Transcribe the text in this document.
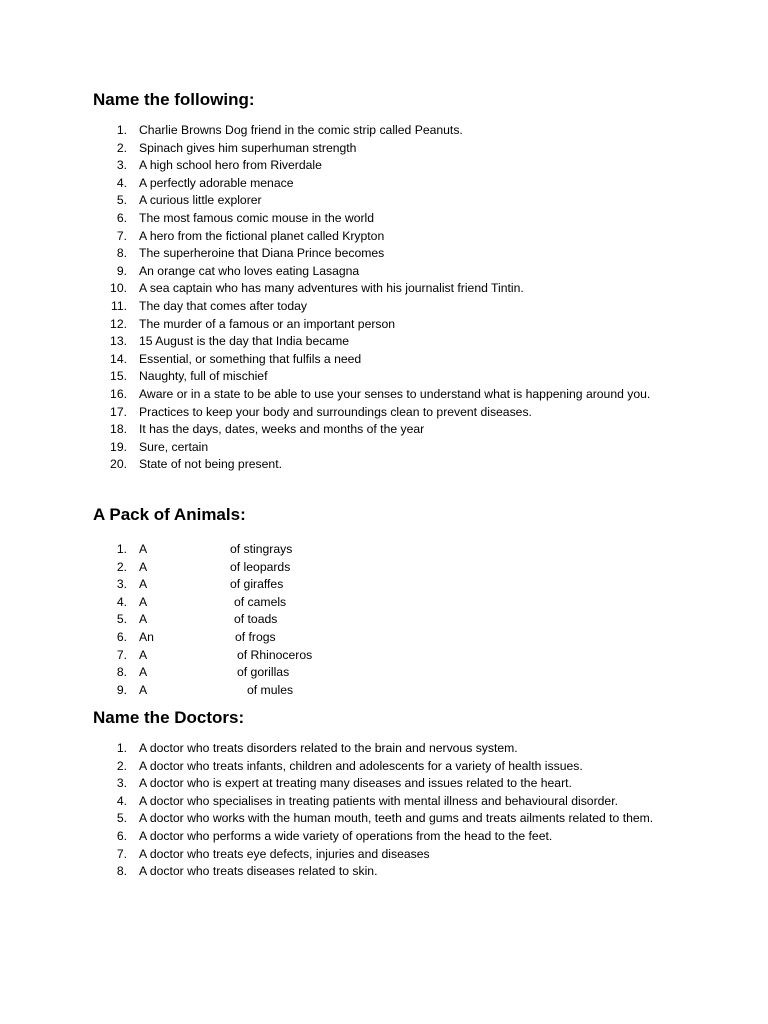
Name the following:
1. Charlie Browns Dog friend in the comic strip called Peanuts.
2. Spinach gives him superhuman strength
3. A high school hero from Riverdale
4. A perfectly adorable menace
5. A curious little explorer
6. The most famous comic mouse in the world
7. A hero from the fictional planet called Krypton
8. The superheroine that Diana Prince becomes
9. An orange cat who loves eating Lasagna
10. A sea captain who has many adventures with his journalist friend Tintin.
11. The day that comes after today
12. The murder of a famous or an important person
13. 15 August is the day that India became
14. Essential, or something that fulfils a need
15. Naughty, full of mischief
16. Aware or in a state to be able to use your senses to understand what is happening around you.
17. Practices to keep your body and surroundings clean to prevent diseases.
18. It has the days, dates, weeks and months of the year
19. Sure, certain
20. State of not being present.
A Pack of Animals:
1. A	of stingrays
2. A	of leopards
3. A	of giraffes
4. A	of camels
5. A	of toads
6. An	of frogs
7. A	of Rhinoceros
8. A	of gorillas
9. A	of mules
Name the Doctors:
1. A doctor who treats disorders related to the brain and nervous system.
2. A doctor who treats infants, children and adolescents for a variety of health issues.
3. A doctor who is expert at treating many diseases and issues related to the heart.
4. A doctor who specialises in treating patients with mental illness and behavioural disorder.
5. A doctor who works with the human mouth, teeth and gums and treats ailments related to them.
6. A doctor who performs a wide variety of operations from the head to the feet.
7. A doctor who treats eye defects, injuries and diseases
8. A doctor who treats diseases related to skin.
